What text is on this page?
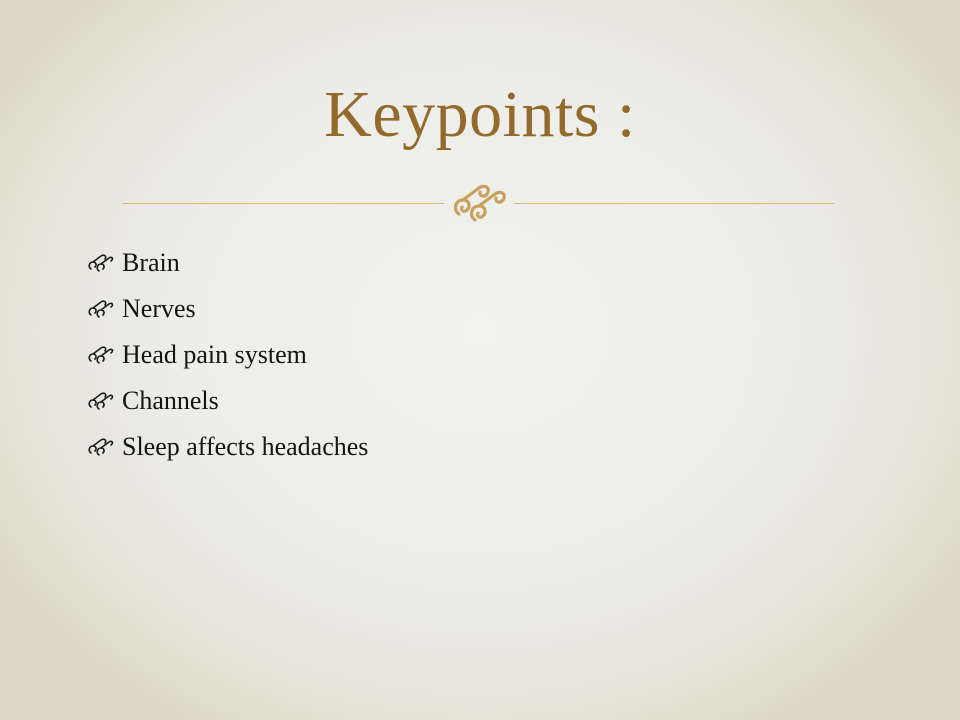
Keypoints :
Brain
Nerves
Head pain system
Channels
Sleep affects headaches
